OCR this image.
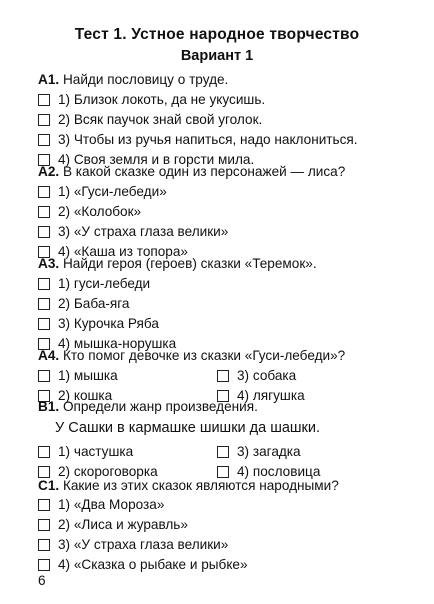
Тест 1. Устное народное творчество
Вариант 1
A1. Найди пословицу о труде.
1) Близок локоть, да не укусишь.
2) Всяк паучок знай свой уголок.
3) Чтобы из ручья напиться, надо наклониться.
4) Своя земля и в горсти мила.
A2. В какой сказке один из персонажей — лиса?
1) «Гуси-лебеди»
2) «Колобок»
3) «У страха глаза велики»
4) «Каша из топора»
A3. Найди героя (героев) сказки «Теремок».
1) гуси-лебеди
2) Баба-яга
3) Курочка Ряба
4) мышка-норушка
A4. Кто помог девочке из сказки «Гуси-лебеди»?
1) мышка	3) собака
2) кошка	4) лягушка
B1. Определи жанр произведения.
У Сашки в кармашке шишки да шашки.
1) частушка	3) загадка
2) скороговорка	4) пословица
C1. Какие из этих сказок являются народными?
1) «Два Мороза»
2) «Лиса и журавль»
3) «У страха глаза велики»
4) «Сказка о рыбаке и рыбке»
6
